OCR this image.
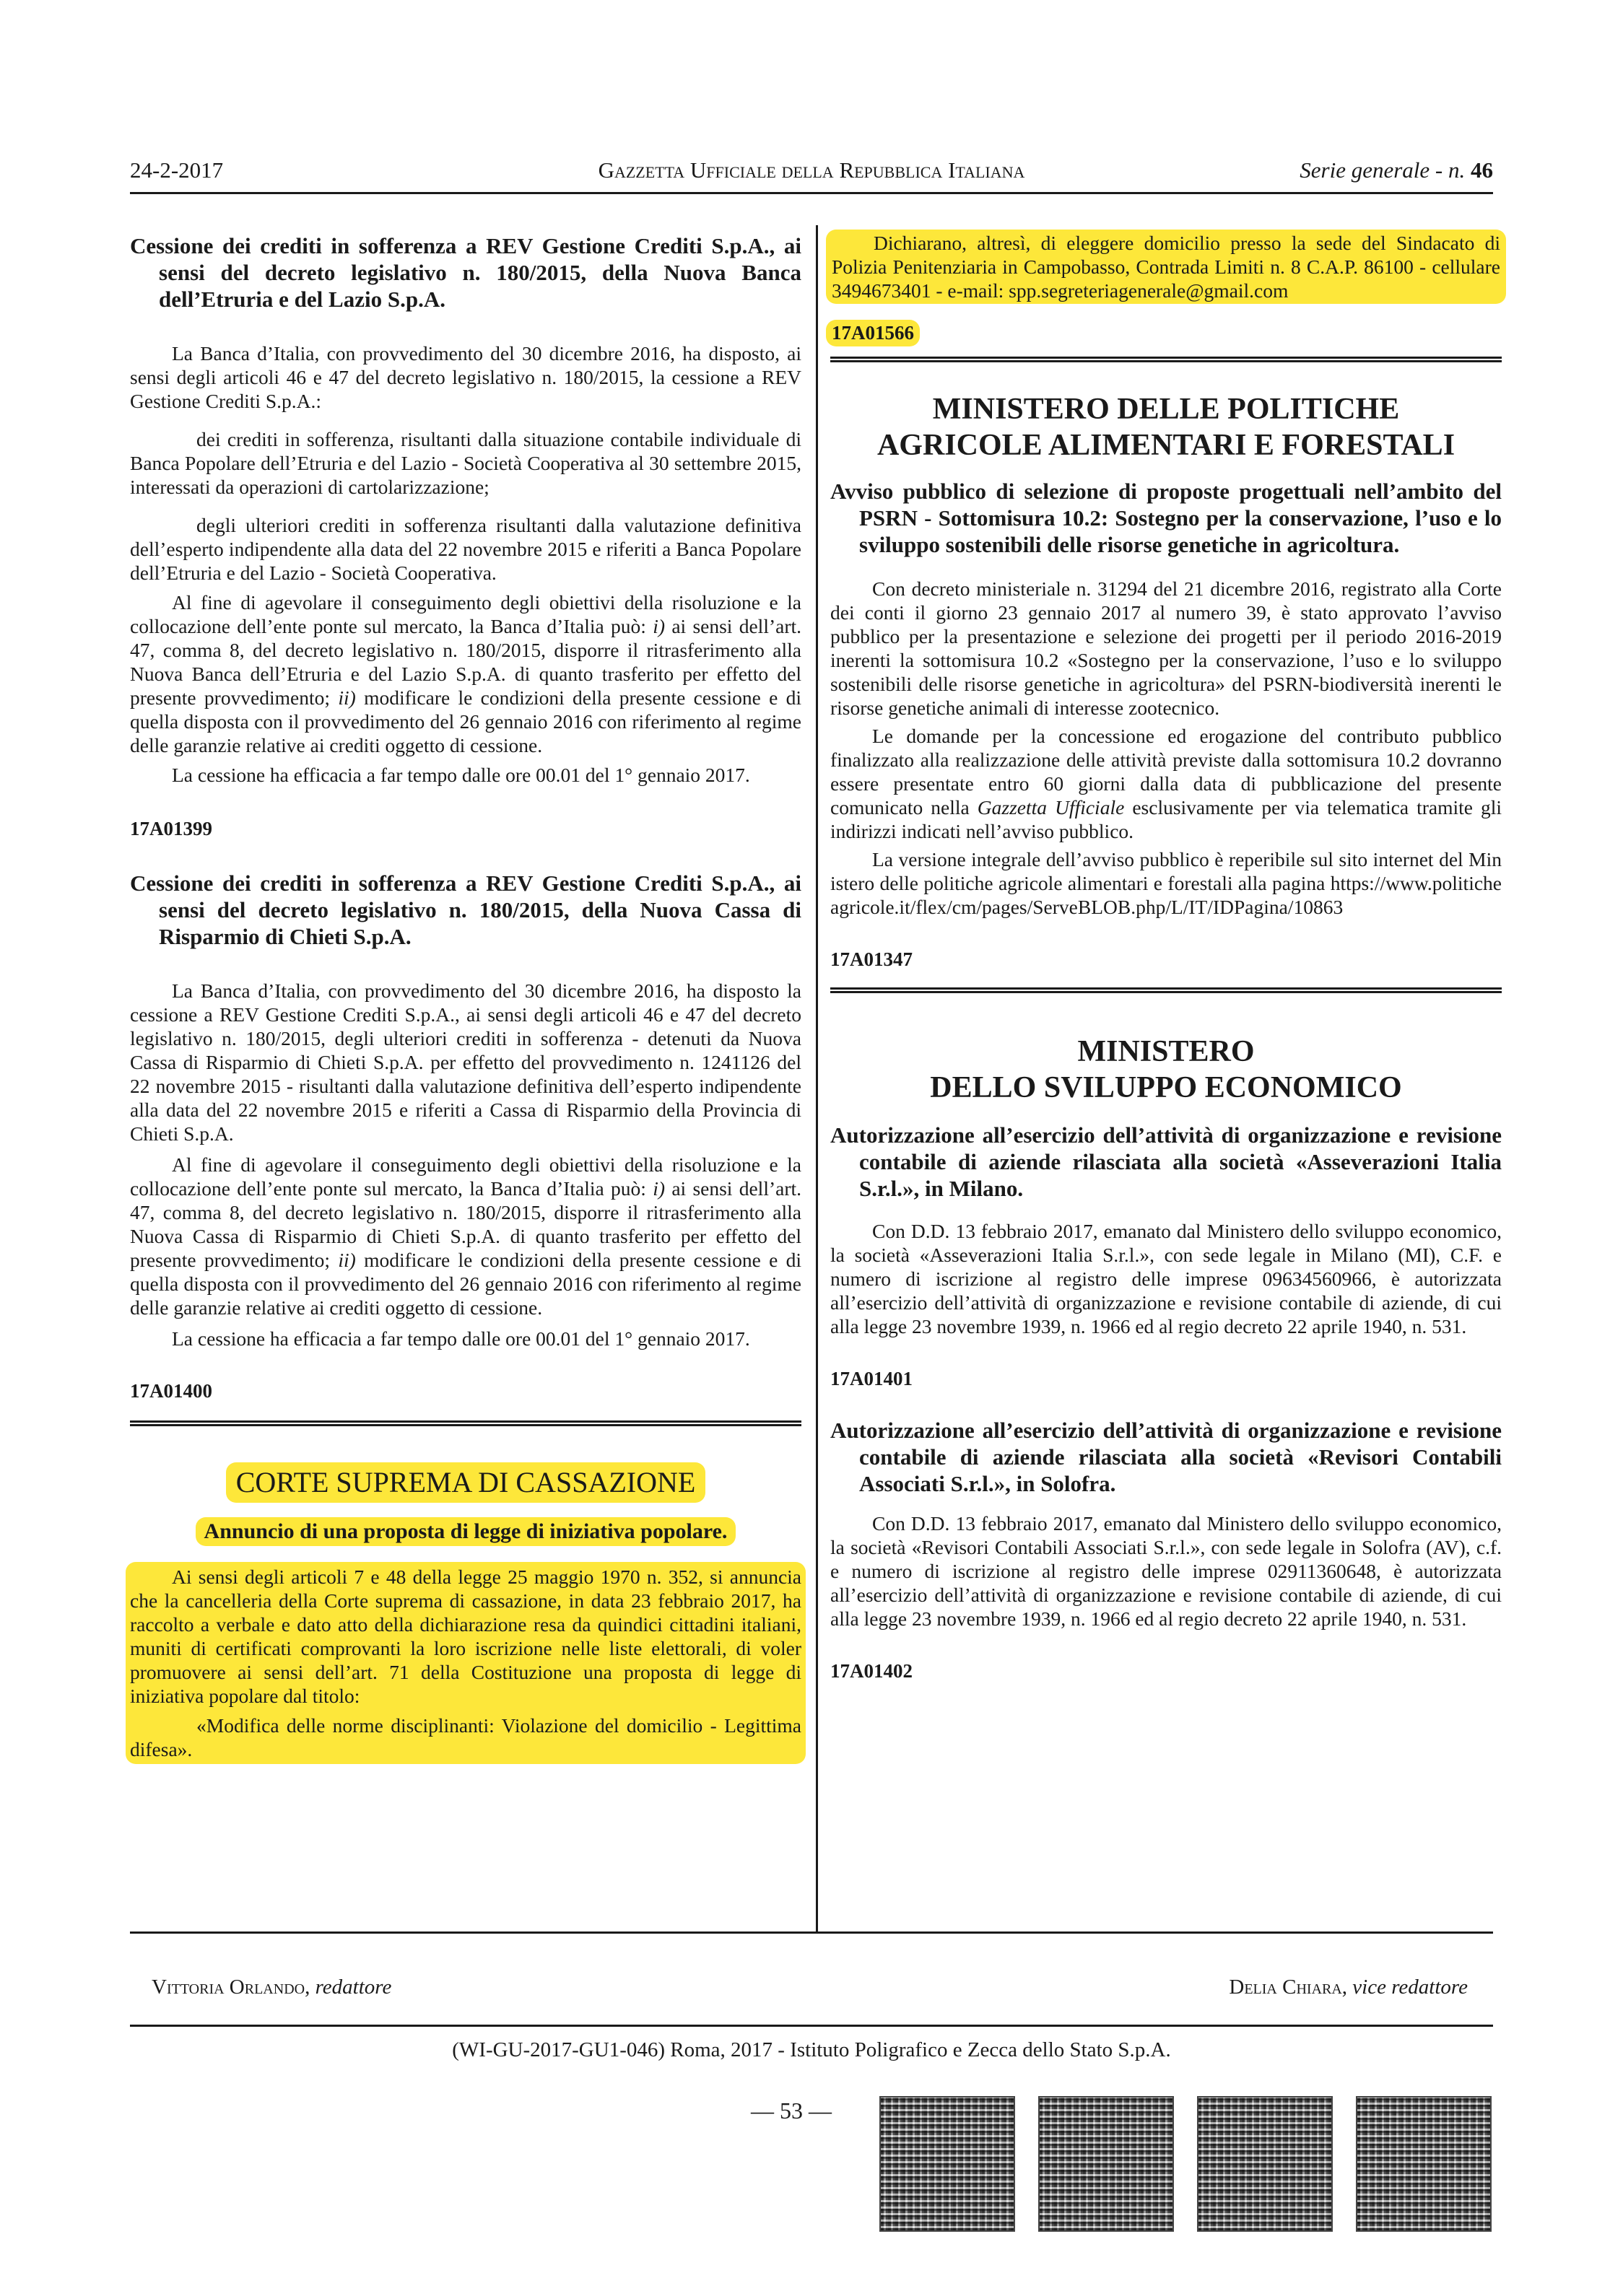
24-2-2017	Gazzetta Ufficiale della Repubblica Italiana	Serie generale - n. 46
Cessione dei crediti in sofferenza a REV Gestione Crediti S.p.A., ai sensi del decreto legislativo n. 180/2015, della Nuova Banca dell’Etruria e del Lazio S.p.A.

La Banca d’Italia, con provvedimento del 30 dicembre 2016, ha disposto, ai sensi degli articoli 46 e 47 del decreto legislativo n. 180/2015, la cessione a REV Gestione Crediti S.p.A.:

dei crediti in sofferenza, risultanti dalla situazione contabile individuale di Banca Popolare dell’Etruria e del Lazio - Società Cooperativa al 30 settembre 2015, interessati da operazioni di cartolarizzazione;

degli ulteriori crediti in sofferenza risultanti dalla valutazione definitiva dell’esperto indipendente alla data del 22 novembre 2015 e riferiti a Banca Popolare dell’Etruria e del Lazio - Società Cooperativa.

Al fine di agevolare il conseguimento degli obiettivi della risoluzione e la collocazione dell’ente ponte sul mercato, la Banca d’Italia può: i) ai sensi dell’art. 47, comma 8, del decreto legislativo n. 180/2015, disporre il ritrasferimento alla Nuova Banca dell’Etruria e del Lazio S.p.A. di quanto trasferito per effetto del presente provvedimento; ii) modificare le condizioni della presente cessione e di quella disposta con il provvedimento del 26 gennaio 2016 con riferimento al regime delle garanzie relative ai crediti oggetto di cessione.

La cessione ha efficacia a far tempo dalle ore 00.01 del 1° gennaio 2017.

17A01399
Cessione dei crediti in sofferenza a REV Gestione Crediti S.p.A., ai sensi del decreto legislativo n. 180/2015, della Nuova Cassa di Risparmio di Chieti S.p.A.

La Banca d’Italia, con provvedimento del 30 dicembre 2016, ha disposto la cessione a REV Gestione Crediti S.p.A., ai sensi degli articoli 46 e 47 del decreto legislativo n. 180/2015, degli ulteriori crediti in sofferenza - detenuti da Nuova Cassa di Risparmio di Chieti S.p.A. per effetto del provvedimento n. 1241126 del 22 novembre 2015 - risultanti dalla valutazione definitiva dell’esperto indipendente alla data del 22 novembre 2015 e riferiti a Cassa di Risparmio della Provincia di Chieti S.p.A.

Al fine di agevolare il conseguimento degli obiettivi della risoluzione e la collocazione dell’ente ponte sul mercato, la Banca d’Italia può: i) ai sensi dell’art. 47, comma 8, del decreto legislativo n. 180/2015, disporre il ritrasferimento alla Nuova Cassa di Risparmio di Chieti S.p.A. di quanto trasferito per effetto del presente provvedimento; ii) modificare le condizioni della presente cessione e di quella disposta con il provvedimento del 26 gennaio 2016 con riferimento al regime delle garanzie relative ai crediti oggetto di cessione.

La cessione ha efficacia a far tempo dalle ore 00.01 del 1° gennaio 2017.

17A01400
CORTE SUPREMA DI CASSAZIONE
Annuncio di una proposta di legge di iniziativa popolare.

Ai sensi degli articoli 7 e 48 della legge 25 maggio 1970 n. 352, si annuncia che la cancelleria della Corte suprema di cassazione, in data 23 febbraio 2017, ha raccolto a verbale e dato atto della dichiarazione resa da quindici cittadini italiani, muniti di certificati comprovanti la loro iscrizione nelle liste elettorali, di voler promuovere ai sensi dell’art. 71 della Costituzione una proposta di legge di iniziativa popolare dal titolo:

«Modifica delle norme disciplinanti: Violazione del domicilio - Legittima difesa».

Dichiarano, altresì, di eleggere domicilio presso la sede del Sindacato di Polizia Penitenziaria in Campobasso, Contrada Limiti n. 8 C.A.P. 86100 - cellulare 3494673401 - e-mail: spp.segreteriagenerale@gmail.com

17A01566
MINISTERO DELLE POLITICHE AGRICOLE ALIMENTARI E FORESTALI
Avviso pubblico di selezione di proposte progettuali nell’ambito del PSRN - Sottomisura 10.2: Sostegno per la conservazione, l’uso e lo sviluppo sostenibili delle risorse genetiche in agricoltura.

Con decreto ministeriale n. 31294 del 21 dicembre 2016, registrato alla Corte dei conti il giorno 23 gennaio 2017 al numero 39, è stato approvato l’avviso pubblico per la presentazione e selezione dei progetti per il periodo 2016-2019 inerenti la sottomisura 10.2 «Sostegno per la conservazione, l’uso e lo sviluppo sostenibili delle risorse genetiche in agricoltura» del PSRN-biodiversità inerenti le risorse genetiche animali di interesse zootecnico.

Le domande per la concessione ed erogazione del contributo pubblico finalizzato alla realizzazione delle attività previste dalla sottomisura 10.2 dovranno essere presentate entro 60 giorni dalla data di pubblicazione del presente comunicato nella Gazzetta Ufficiale esclusivamente per via telematica tramite gli indirizzi indicati nell’avviso pubblico.

La versione integrale dell’avviso pubblico è reperibile sul sito internet del Ministero delle politiche agricole alimentari e forestali alla pagina https://www.politicheagricole.it/flex/cm/pages/ServeBLOB.php/L/IT/IDPagina/10863

17A01347
MINISTERO
DELLO SVILUPPO ECONOMICO
Autorizzazione all’esercizio dell’attività di organizzazione e revisione contabile di aziende rilasciata alla società «Asseverazioni Italia S.r.l.», in Milano.

Con D.D. 13 febbraio 2017, emanato dal Ministero dello sviluppo economico, la società «Asseverazioni Italia S.r.l.», con sede legale in Milano (MI), C.F. e numero di iscrizione al registro delle imprese 09634560966, è autorizzata all’esercizio dell’attività di organizzazione e revisione contabile di aziende, di cui alla legge 23 novembre 1939, n. 1966 ed al regio decreto 22 aprile 1940, n. 531.

17A01401
Autorizzazione all’esercizio dell’attività di organizzazione e revisione contabile di aziende rilasciata alla società «Revisori Contabili Associati S.r.l.», in Solofra.

Con D.D. 13 febbraio 2017, emanato dal Ministero dello sviluppo economico, la società «Revisori Contabili Associati S.r.l.», con sede legale in Solofra (AV), c.f. e numero di iscrizione al registro delle imprese 02911360648, è autorizzata all’esercizio dell’attività di organizzazione e revisione contabile di aziende, di cui alla legge 23 novembre 1939, n. 1966 ed al regio decreto 22 aprile 1940, n. 531.

17A01402
Vittoria Orlando, redattore	Delia Chiara, vice redattore
(WI-GU-2017-GU1-046) Roma, 2017 - Istituto Poligrafico e Zecca dello Stato S.p.A.
— 53 —
